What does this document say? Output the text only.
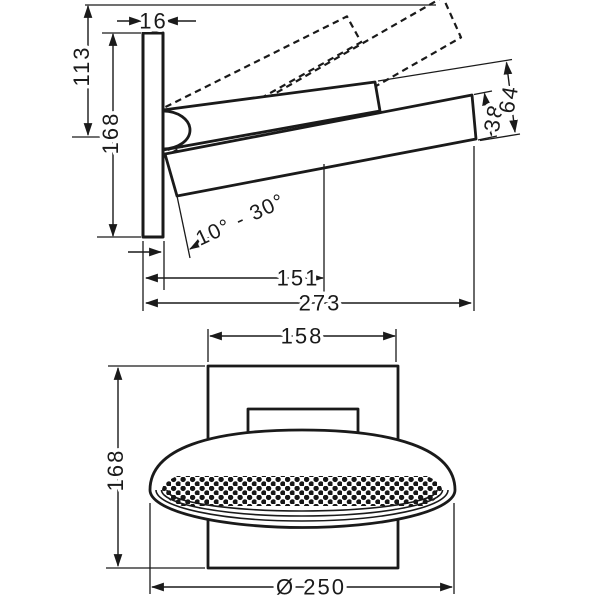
16
113
168
10° - 30°
151
273
38
64
158
168
Ø 250
